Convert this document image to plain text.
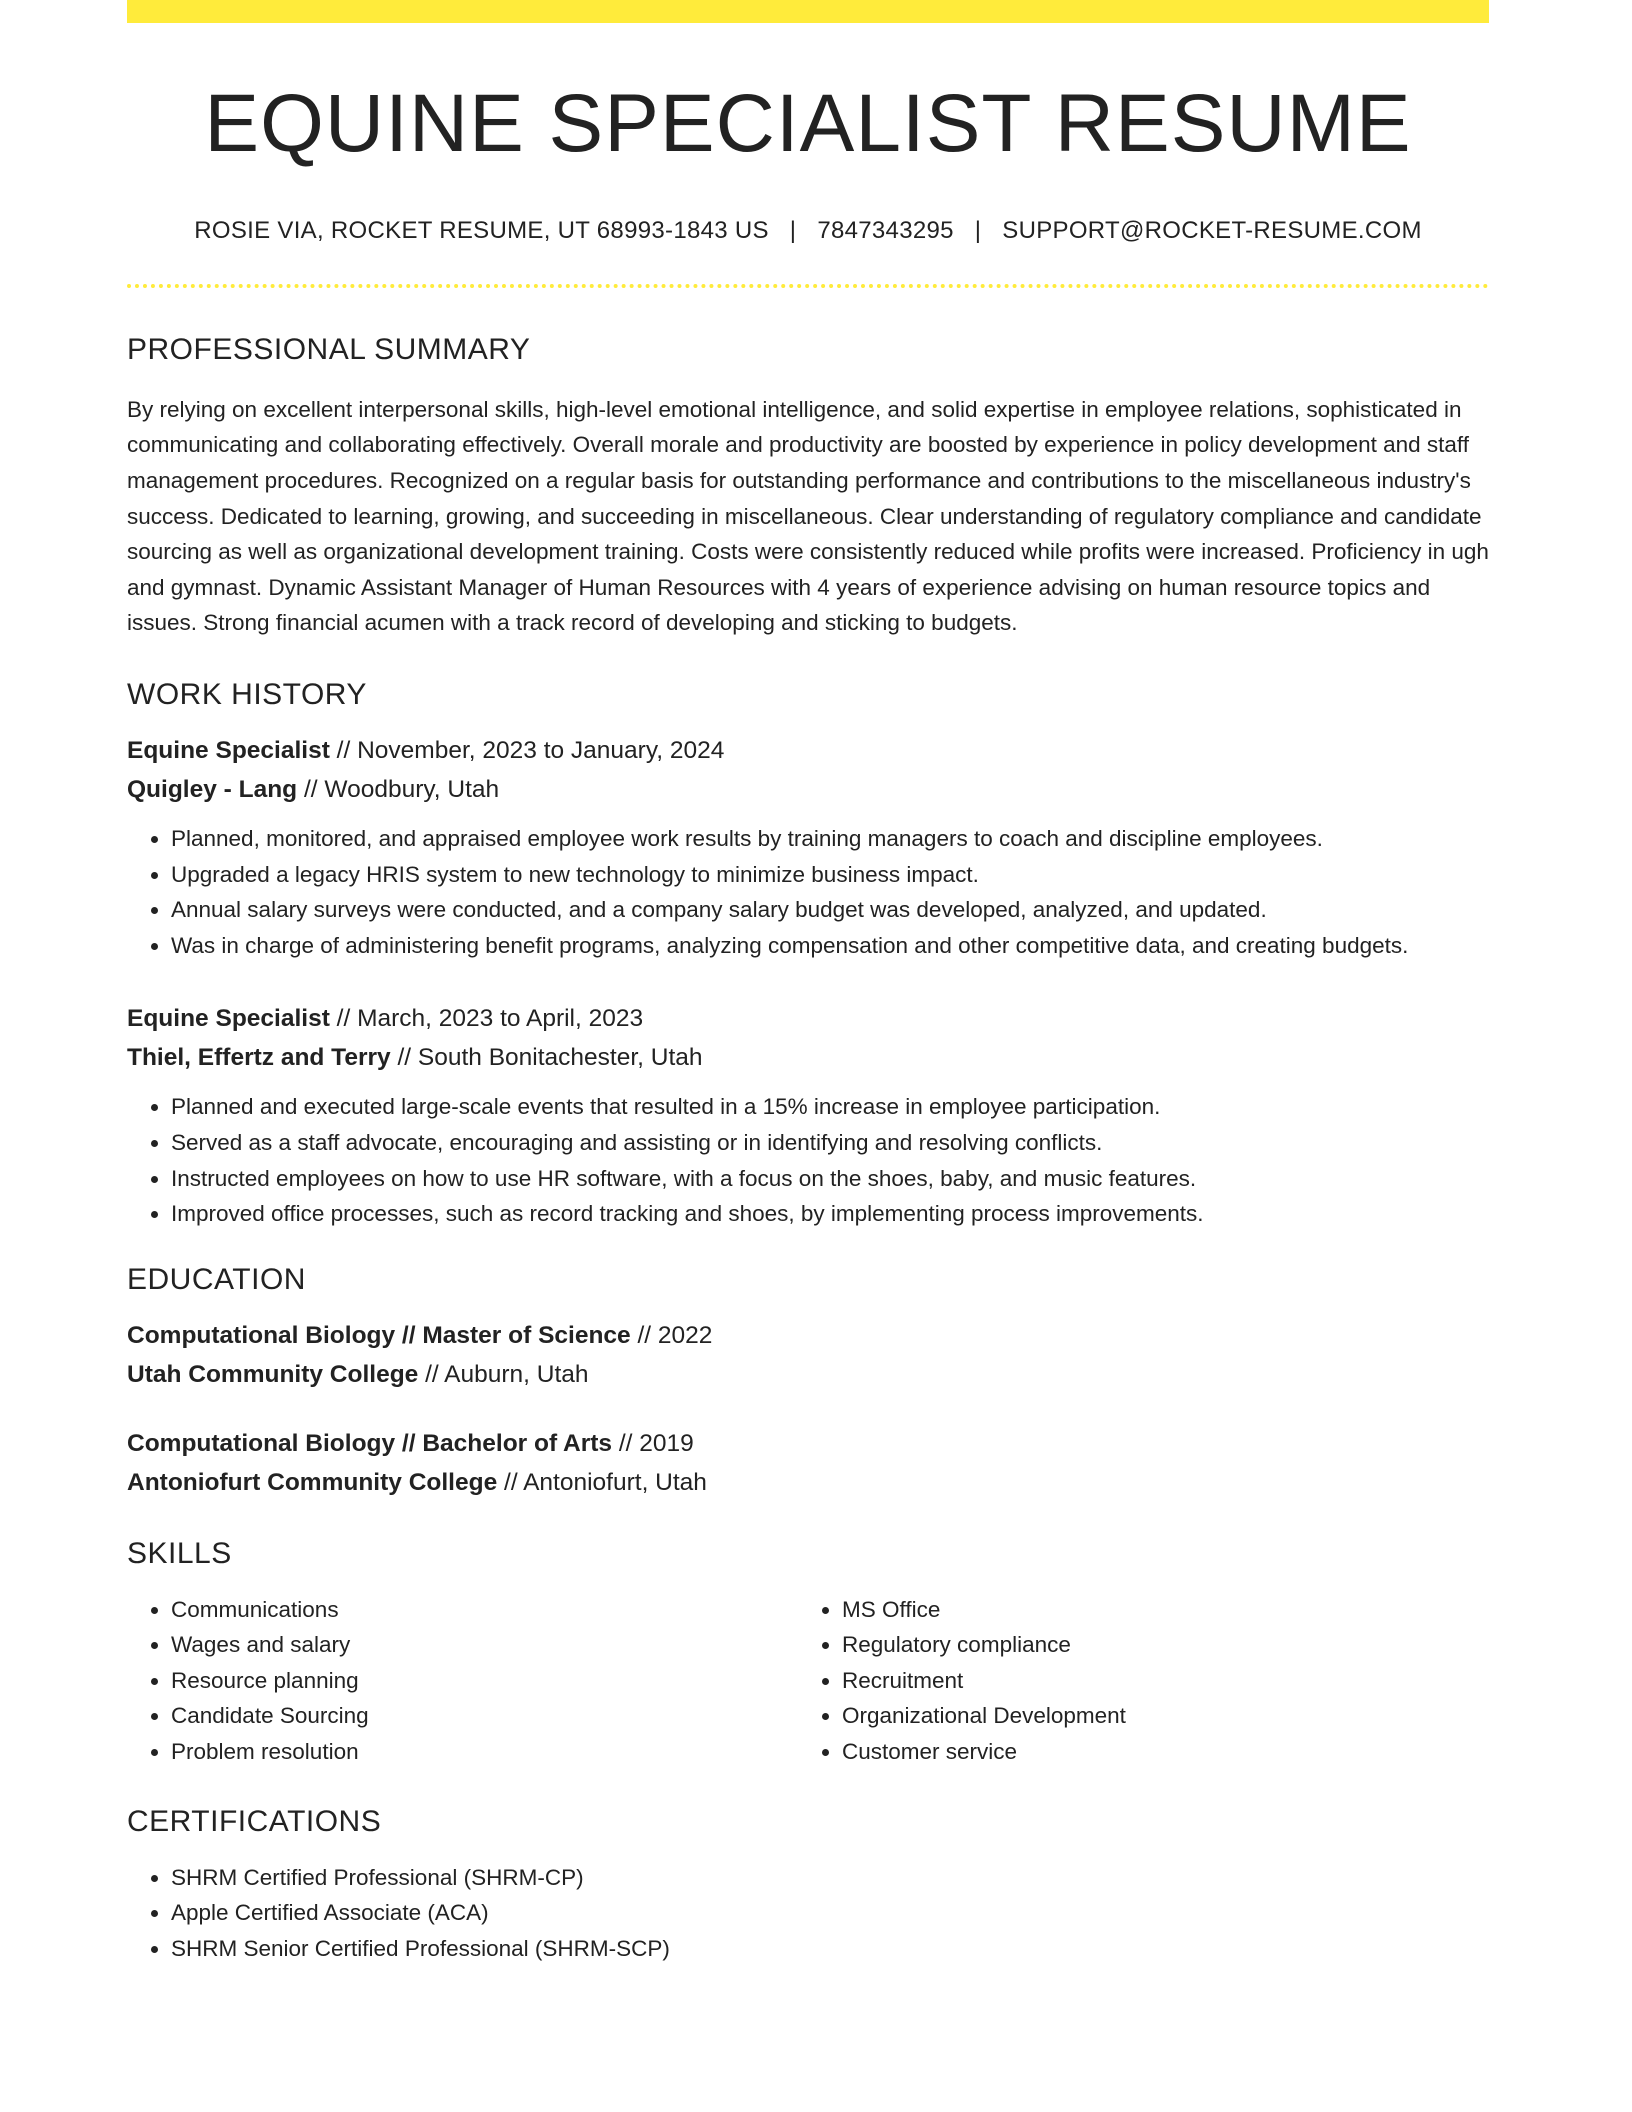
EQUINE SPECIALIST RESUME
ROSIE VIA, ROCKET RESUME, UT 68993-1843 US | 7847343295 | SUPPORT@ROCKET-RESUME.COM
PROFESSIONAL SUMMARY
By relying on excellent interpersonal skills, high-level emotional intelligence, and solid expertise in employee relations, sophisticated in communicating and collaborating effectively. Overall morale and productivity are boosted by experience in policy development and staff management procedures. Recognized on a regular basis for outstanding performance and contributions to the miscellaneous industry's success. Dedicated to learning, growing, and succeeding in miscellaneous. Clear understanding of regulatory compliance and candidate sourcing as well as organizational development training. Costs were consistently reduced while profits were increased. Proficiency in ugh and gymnast. Dynamic Assistant Manager of Human Resources with 4 years of experience advising on human resource topics and issues. Strong financial acumen with a track record of developing and sticking to budgets.
WORK HISTORY
Equine Specialist // November, 2023 to January, 2024
Quigley - Lang // Woodbury, Utah
• Planned, monitored, and appraised employee work results by training managers to coach and discipline employees.
• Upgraded a legacy HRIS system to new technology to minimize business impact.
• Annual salary surveys were conducted, and a company salary budget was developed, analyzed, and updated.
• Was in charge of administering benefit programs, analyzing compensation and other competitive data, and creating budgets.
Equine Specialist // March, 2023 to April, 2023
Thiel, Effertz and Terry // South Bonitachester, Utah
• Planned and executed large-scale events that resulted in a 15% increase in employee participation.
• Served as a staff advocate, encouraging and assisting or in identifying and resolving conflicts.
• Instructed employees on how to use HR software, with a focus on the shoes, baby, and music features.
• Improved office processes, such as record tracking and shoes, by implementing process improvements.
EDUCATION
Computational Biology // Master of Science // 2022
Utah Community College // Auburn, Utah
Computational Biology // Bachelor of Arts // 2019
Antoniofurt Community College // Antoniofurt, Utah
SKILLS
• Communications
• Wages and salary
• Resource planning
• Candidate Sourcing
• Problem resolution
• MS Office
• Regulatory compliance
• Recruitment
• Organizational Development
• Customer service
CERTIFICATIONS
• SHRM Certified Professional (SHRM-CP)
• Apple Certified Associate (ACA)
• SHRM Senior Certified Professional (SHRM-SCP)
